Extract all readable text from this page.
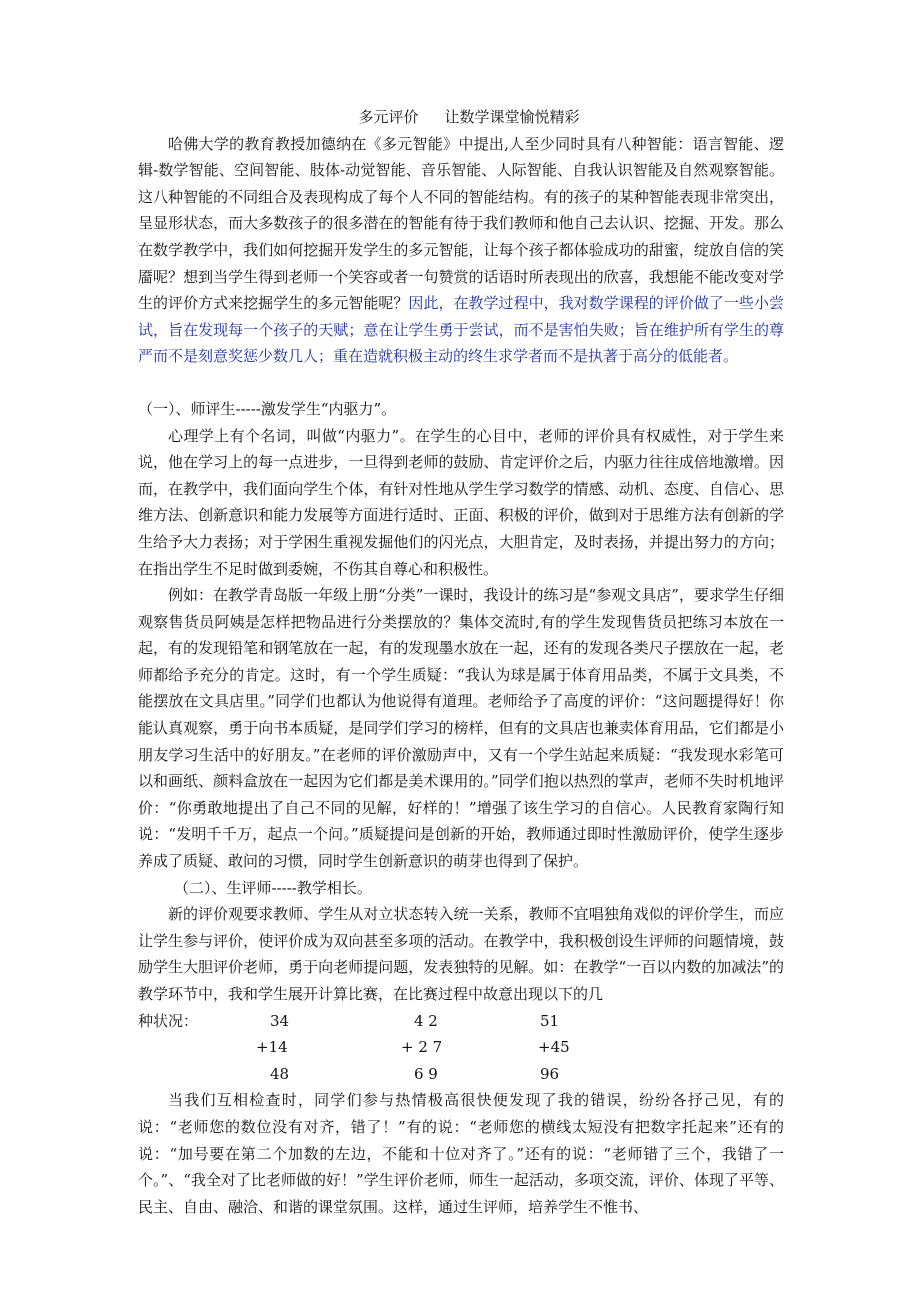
多元评价 让数学课堂愉悦精彩

哈佛大学的教育教授加德纳在《多元智能》中提出,人至少同时具有八种智能：语言智能、逻辑-数学智能、空间智能、肢体-动觉智能、音乐智能、人际智能、自我认识智能及自然观察智能。这八种智能的不同组合及表现构成了每个人不同的智能结构。有的孩子的某种智能表现非常突出，呈显形状态，而大多数孩子的很多潜在的智能有待于我们教师和他自己去认识、挖掘、开发。那么在数学教学中，我们如何挖掘开发学生的多元智能，让每个孩子都体验成功的甜蜜，绽放自信的笑靥呢？想到当学生得到老师一个笑容或者一句赞赏的话语时所表现出的欣喜，我想能不能改变对学生的评价方式来挖掘学生的多元智能呢？因此，在教学过程中，我对数学课程的评价做了一些小尝试，旨在发现每一个孩子的天赋；意在让学生勇于尝试，而不是害怕失败；旨在维护所有学生的尊严而不是刻意奖惩少数几人；重在造就积极主动的终生求学者而不是执著于高分的低能者。

（一）、师评生-----激发学生“内驱力”。

心理学上有个名词，叫做“内驱力”。在学生的心目中，老师的评价具有权威性，对于学生来说，他在学习上的每一点进步，一旦得到老师的鼓励、肯定评价之后，内驱力往往成倍地激增。因而，在教学中，我们面向学生个体，有针对性地从学生学习数学的情感、动机、态度、自信心、思维方法、创新意识和能力发展等方面进行适时、正面、积极的评价，做到对于思维方法有创新的学生给予大力表扬；对于学困生重视发掘他们的闪光点，大胆肯定，及时表扬，并提出努力的方向；在指出学生不足时做到委婉，不伤其自尊心和积极性。

例如：在教学青岛版一年级上册“分类”一课时，我设计的练习是“参观文具店”，要求学生仔细观察售货员阿姨是怎样把物品进行分类摆放的？集体交流时,有的学生发现售货员把练习本放在一起，有的发现铅笔和钢笔放在一起，有的发现墨水放在一起，还有的发现各类尺子摆放在一起，老师都给予充分的肯定。这时，有一个学生质疑：“我认为球是属于体育用品类，不属于文具类，不能摆放在文具店里。”同学们也都认为他说得有道理。老师给予了高度的评价：“这问题提得好！你能认真观察，勇于向书本质疑，是同学们学习的榜样，但有的文具店也兼卖体育用品，它们都是小朋友学习生活中的好朋友。”在老师的评价激励声中，又有一个学生站起来质疑：“我发现水彩笔可以和画纸、颜料盒放在一起因为它们都是美术课用的。”同学们抱以热烈的掌声，老师不失时机地评价：“你勇敢地提出了自己不同的见解，好样的！”增强了该生学习的自信心。人民教育家陶行知说：“发明千千万，起点一个问。”质疑提问是创新的开始，教师通过即时性激励评价，使学生逐步养成了质疑、敢问的习惯，同时学生创新意识的萌芽也得到了保护。

（二）、生评师-----教学相长。

新的评价观要求教师、学生从对立状态转入统一关系，教师不宜唱独角戏似的评价学生，而应让学生参与评价，使评价成为双向甚至多项的活动。在教学中，我积极创设生评师的问题情境，鼓励学生大胆评价老师，勇于向老师提问题，发表独特的见解。如：在教学“一百以内数的加减法”的教学环节中，我和学生展开计算比赛，在比赛过程中故意出现以下的几

种状况：	34
+14
48
4 2
+ 2 7
6 9
51
+45
96

当我们互相检查时，同学们参与热情极高很快便发现了我的错误，纷纷各抒己见，有的说：“老师您的数位没有对齐，错了！”有的说：“老师您的横线太短没有把数字托起来”还有的说：“加号要在第二个加数的左边，不能和十位对齐了。”还有的说：“老师错了三个，我错了一个。”、“我全对了比老师做的好！”学生评价老师，师生一起活动，多项交流，评价、体现了平等、民主、自由、融洽、和谐的课堂氛围。这样，通过生评师，培养学生不惟书、
